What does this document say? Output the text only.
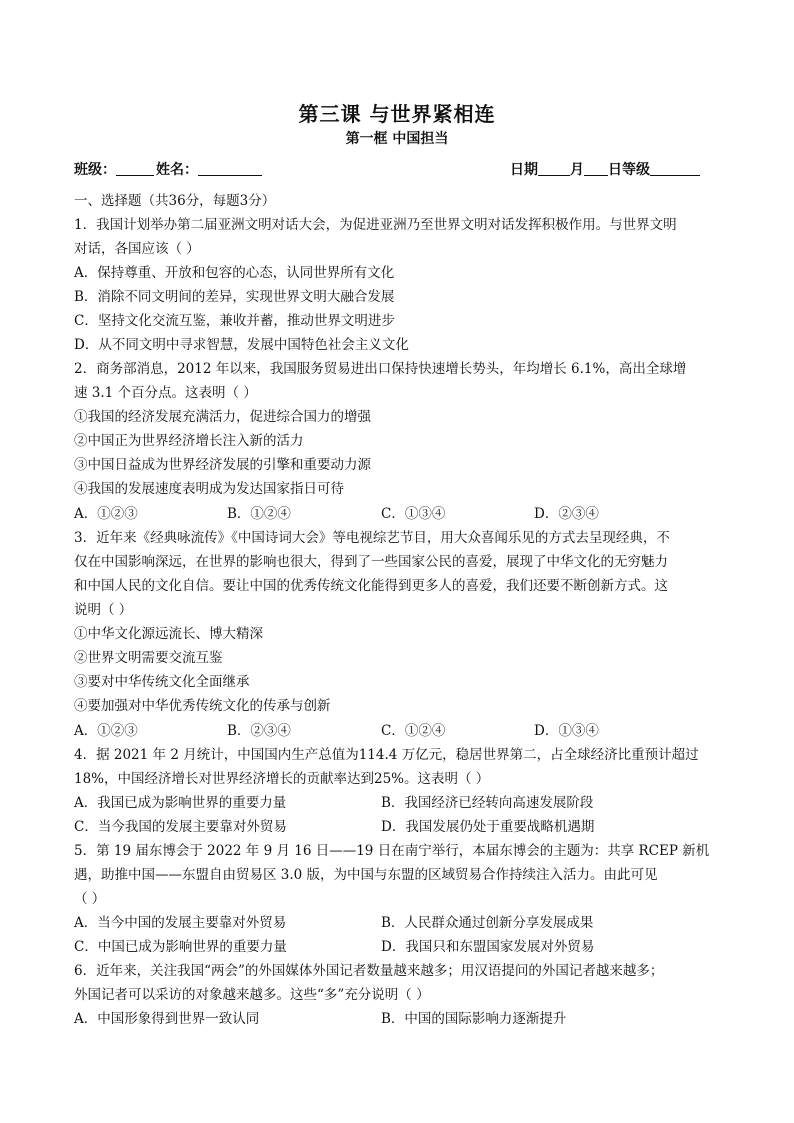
第三课 与世界紧相连
第一框 中国担当
班级：	姓名：	日期 月 日等级
一、选择题（共36分，每题3分）
1．我国计划举办第二届亚洲文明对话大会，为促进亚洲乃至世界文明对话发挥积极作用。与世界文明
对话，各国应该（ ）
A．保持尊重、开放和包容的心态，认同世界所有文化
B．消除不同文明间的差异，实现世界文明大融合发展
C．坚持文化交流互鉴，兼收并蓄，推动世界文明进步
D．从不同文明中寻求智慧，发展中国特色社会主义文化
2．商务部消息，2012 年以来，我国服务贸易进出口保持快速增长势头，年均增长 6.1%，高出全球增
速 3.1 个百分点。这表明（ ）
①我国的经济发展充满活力，促进综合国力的增强
②中国正为世界经济增长注入新的活力
③中国日益成为世界经济发展的引擎和重要动力源
④我国的发展速度表明成为发达国家指日可待
A．①②③	B．①②④	C．①③④	D．②③④
3．近年来《经典咏流传》《中国诗词大会》等电视综艺节目，用大众喜闻乐见的方式去呈现经典，不
仅在中国影响深远，在世界的影响也很大，得到了一些国家公民的喜爱，展现了中华文化的无穷魅力
和中国人民的文化自信。要让中国的优秀传统文化能得到更多人的喜爱，我们还要不断创新方式。这
说明（ ）
①中华文化源远流长、博大精深
②世界文明需要交流互鉴
③要对中华传统文化全面继承
④要加强对中华优秀传统文化的传承与创新
A．①②③	B．②③④	C．①②④	D．①③④
4．据 2021 年 2 月统计，中国国内生产总值为114.4 万亿元，稳居世界第二，占全球经济比重预计超过
18%，中国经济增长对世界经济增长的贡献率达到25%。这表明（ ）
A．我国已成为影响世界的重要力量	B．我国经济已经转向高速发展阶段
C．当今我国的发展主要靠对外贸易	D．我国发展仍处于重要战略机遇期
5．第 19 届东博会于 2022 年 9 月 16 日——19 日在南宁举行，本届东博会的主题为：共享 RCEP 新机
遇，助推中国——东盟自由贸易区 3.0 版，为中国与东盟的区域贸易合作持续注入活力。由此可见
（ ）
A．当今中国的发展主要靠对外贸易	B．人民群众通过创新分享发展成果
C．中国已成为影响世界的重要力量	D．我国只和东盟国家发展对外贸易
6．近年来，关注我国“两会”的外国媒体外国记者数量越来越多；用汉语提问的外国记者越来越多；
外国记者可以采访的对象越来越多。这些“多”充分说明（ ）
A．中国形象得到世界一致认同	B．中国的国际影响力逐渐提升
